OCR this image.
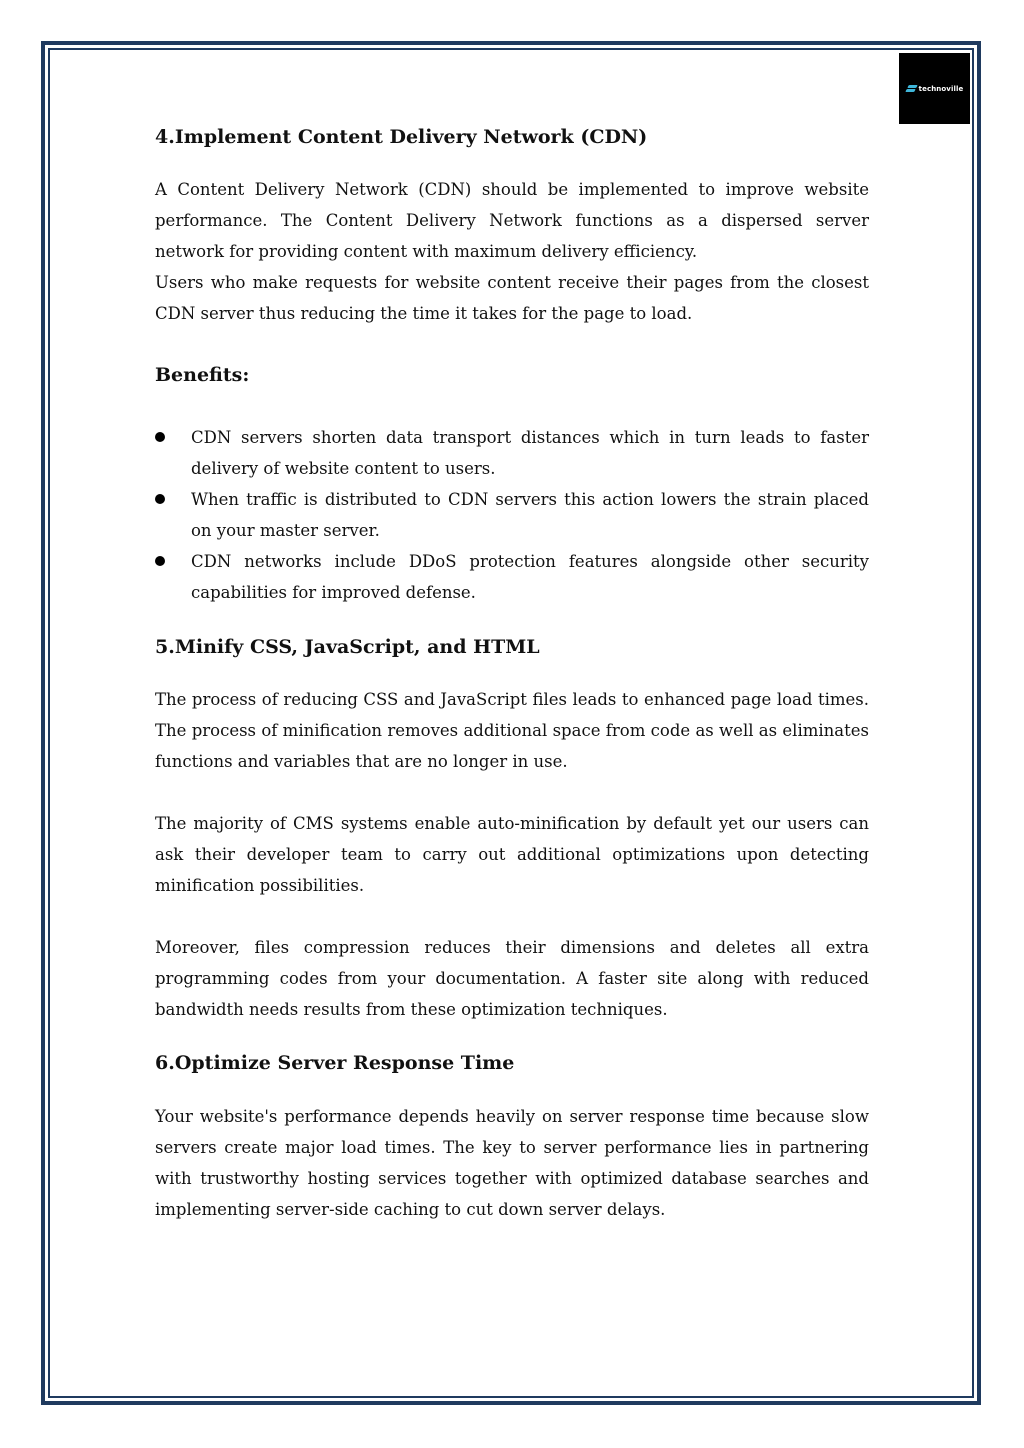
technoville
4.Implement Content Delivery Network (CDN)
A Content Delivery Network (CDN) should be implemented to improve website performance. The Content Delivery Network functions as a dispersed server network for providing content with maximum delivery efficiency.
Users who make requests for website content receive their pages from the closest CDN server thus reducing the time it takes for the page to load.
Benefits:
CDN servers shorten data transport distances which in turn leads to faster delivery of website content to users.
When traffic is distributed to CDN servers this action lowers the strain placed on your master server.
CDN networks include DDoS protection features alongside other security capabilities for improved defense.
5.Minify CSS, JavaScript, and HTML

The process of reducing CSS and JavaScript files leads to enhanced page load times. The process of minification removes additional space from code as well as eliminates functions and variables that are no longer in use.

The majority of CMS systems enable auto-minification by default yet our users can ask their developer team to carry out additional optimizations upon detecting minification possibilities.

Moreover, files compression reduces their dimensions and deletes all extra programming codes from your documentation. A faster site along with reduced bandwidth needs results from these optimization techniques.

6.Optimize Server Response Time

Your website's performance depends heavily on server response time because slow servers create major load times. The key to server performance lies in partnering with trustworthy hosting services together with optimized database searches and implementing server-side caching to cut down server delays.
